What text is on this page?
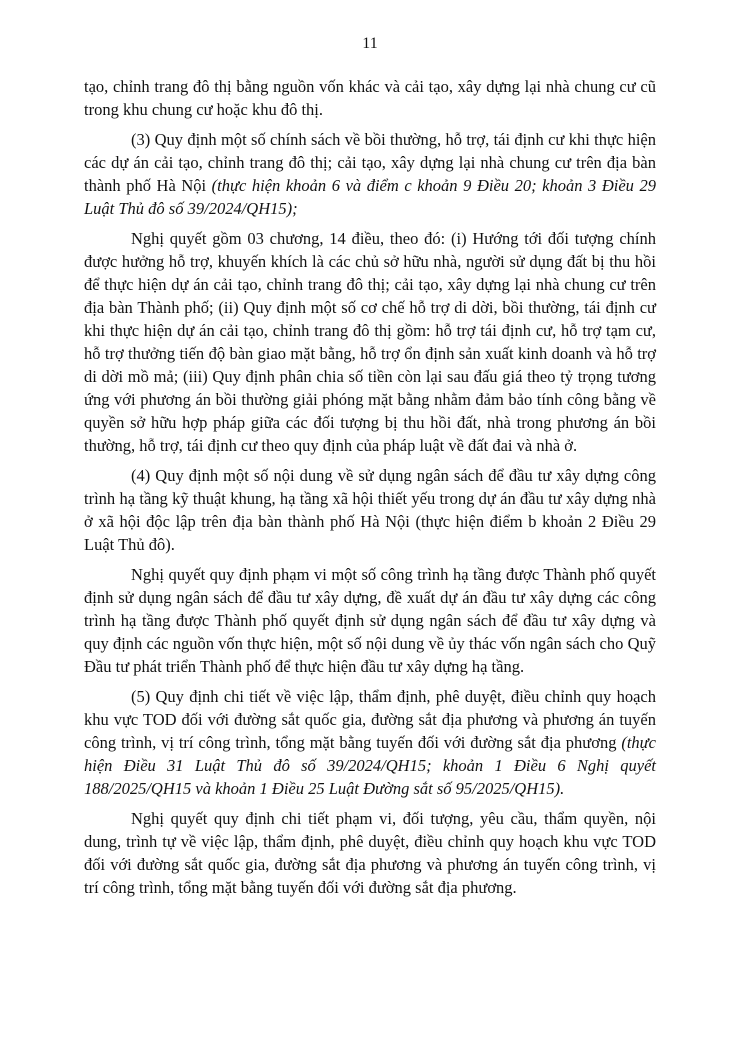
11

tạo, chỉnh trang đô thị bằng nguồn vốn khác và cải tạo, xây dựng lại nhà chung cư cũ trong khu chung cư hoặc khu đô thị.

(3) Quy định một số chính sách về bồi thường, hỗ trợ, tái định cư khi thực hiện các dự án cải tạo, chỉnh trang đô thị; cải tạo, xây dựng lại nhà chung cư trên địa bàn thành phố Hà Nội (thực hiện khoản 6 và điểm c khoản 9 Điều 20; khoản 3 Điều 29 Luật Thủ đô số 39/2024/QH15);

Nghị quyết gồm 03 chương, 14 điều, theo đó: (i) Hướng tới đối tượng chính được hưởng hỗ trợ, khuyến khích là các chủ sở hữu nhà, người sử dụng đất bị thu hồi để thực hiện dự án cải tạo, chỉnh trang đô thị; cải tạo, xây dựng lại nhà chung cư trên địa bàn Thành phố; (ii) Quy định một số cơ chế hỗ trợ di dời, bồi thường, tái định cư khi thực hiện dự án cải tạo, chỉnh trang đô thị gồm: hỗ trợ tái định cư, hỗ trợ tạm cư, hỗ trợ thưởng tiến độ bàn giao mặt bằng, hỗ trợ ổn định sản xuất kinh doanh và hỗ trợ di dời mồ mả; (iii) Quy định phân chia số tiền còn lại sau đấu giá theo tỷ trọng tương ứng với phương án bồi thường giải phóng mặt bằng nhằm đảm bảo tính công bằng về quyền sở hữu hợp pháp giữa các đối tượng bị thu hồi đất, nhà trong phương án bồi thường, hỗ trợ, tái định cư theo quy định của pháp luật về đất đai và nhà ở.

(4) Quy định một số nội dung về sử dụng ngân sách để đầu tư xây dựng công trình hạ tầng kỹ thuật khung, hạ tầng xã hội thiết yếu trong dự án đầu tư xây dựng nhà ở xã hội độc lập trên địa bàn thành phố Hà Nội (thực hiện điểm b khoản 2 Điều 29 Luật Thủ đô).

Nghị quyết quy định phạm vi một số công trình hạ tầng được Thành phố quyết định sử dụng ngân sách để đầu tư xây dựng, đề xuất dự án đầu tư xây dựng các công trình hạ tầng được Thành phố quyết định sử dụng ngân sách để đầu tư xây dựng và quy định các nguồn vốn thực hiện, một số nội dung về ủy thác vốn ngân sách cho Quỹ Đầu tư phát triển Thành phố để thực hiện đầu tư xây dựng hạ tầng.

(5) Quy định chi tiết về việc lập, thẩm định, phê duyệt, điều chỉnh quy hoạch khu vực TOD đối với đường sắt quốc gia, đường sắt địa phương và phương án tuyến công trình, vị trí công trình, tổng mặt bằng tuyến đối với đường sắt địa phương (thực hiện Điều 31 Luật Thủ đô số 39/2024/QH15; khoản 1 Điều 6 Nghị quyết 188/2025/QH15 và khoản 1 Điều 25 Luật Đường sắt số 95/2025/QH15).

Nghị quyết quy định chi tiết phạm vi, đối tượng, yêu cầu, thẩm quyền, nội dung, trình tự về việc lập, thẩm định, phê duyệt, điều chỉnh quy hoạch khu vực TOD đối với đường sắt quốc gia, đường sắt địa phương và phương án tuyến công trình, vị trí công trình, tổng mặt bằng tuyến đối với đường sắt địa phương.
